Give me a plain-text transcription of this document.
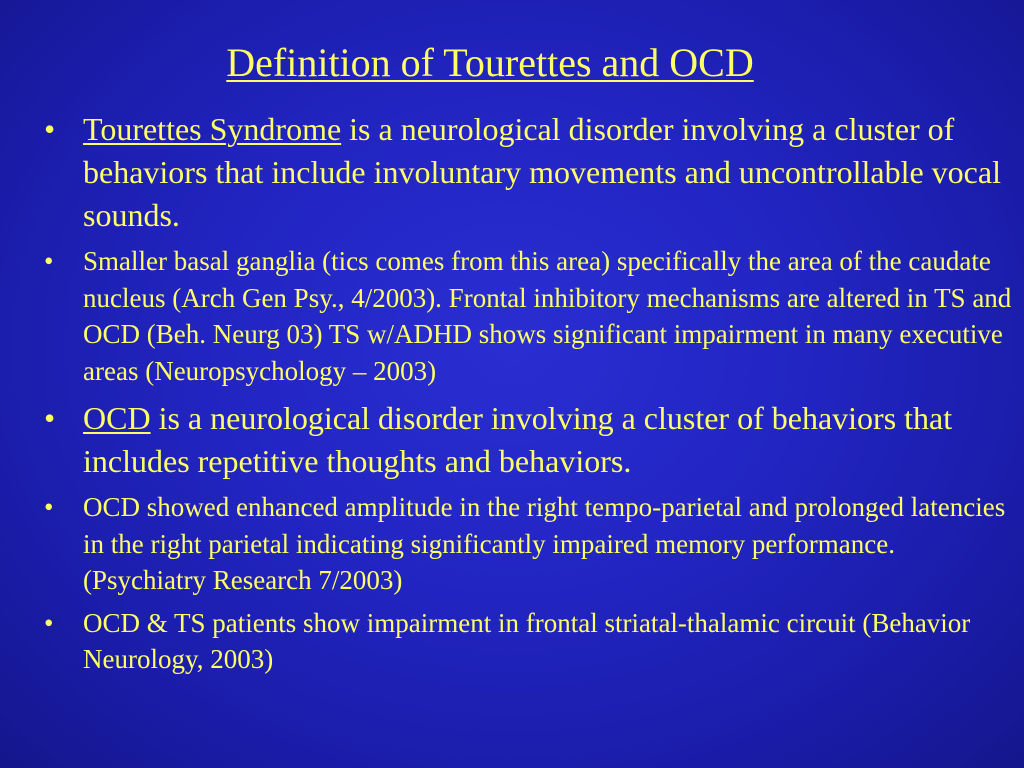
Definition of Tourettes and OCD
• Tourettes Syndrome is a neurological disorder involving a cluster of behaviors that include involuntary movements and uncontrollable vocal sounds.
• Smaller basal ganglia (tics comes from this area) specifically the area of the caudate nucleus (Arch Gen Psy., 4/2003). Frontal inhibitory mechanisms are altered in TS and OCD (Beh. Neurg 03) TS w/ADHD shows significant impairment in many executive areas (Neuropsychology – 2003)
• OCD is a neurological disorder involving a cluster of behaviors that includes repetitive thoughts and behaviors.
• OCD showed enhanced amplitude in the right tempo-parietal and prolonged latencies in the right parietal indicating significantly impaired memory performance. (Psychiatry Research 7/2003)
• OCD & TS patients show impairment in frontal striatal-thalamic circuit (Behavior Neurology, 2003)
